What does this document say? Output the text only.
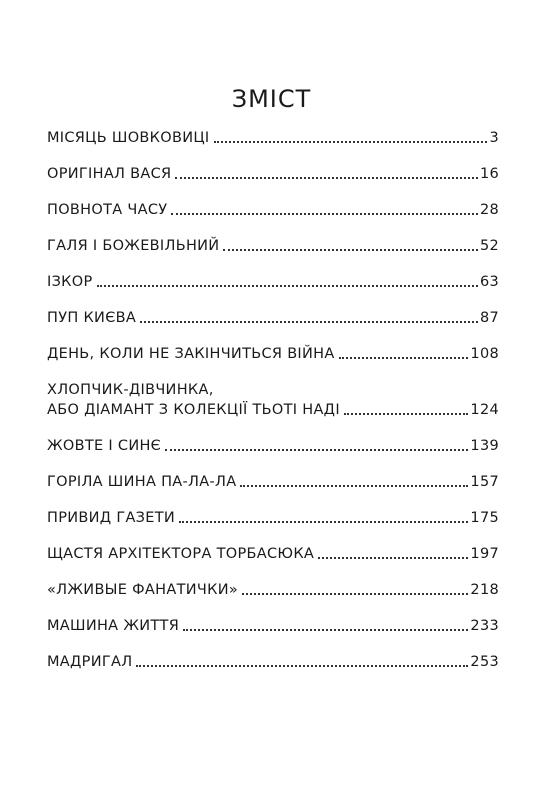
ЗМІСТ
МІСЯЦЬ ШОВКОВИЦІ	3
ОРИГІНАЛ ВАСЯ	16
ПОВНОТА ЧАСУ	28
ГАЛЯ І БОЖЕВІЛЬНИЙ	52
ІЗКОР	63
ПУП КИЄВА	87
ДЕНЬ, КОЛИ НЕ ЗАКІНЧИТЬСЯ ВІЙНА	108
ХЛОПЧИК-ДІВЧИНКА,
АБО ДІАМАНТ З КОЛЕКЦІЇ ТЬОТІ НАДІ	124
ЖОВТЕ І СИНЄ	139
ГОРІЛА ШИНА ПА-ЛА-ЛА	157
ПРИВИД ГАЗЕТИ	175
ЩАСТЯ АРХІТЕКТОРА ТОРБАСЮКА	197
«ЛЖИВЫЕ ФАНАТИЧКИ»	218
МАШИНА ЖИТТЯ	233
МАДРИГАЛ	253
